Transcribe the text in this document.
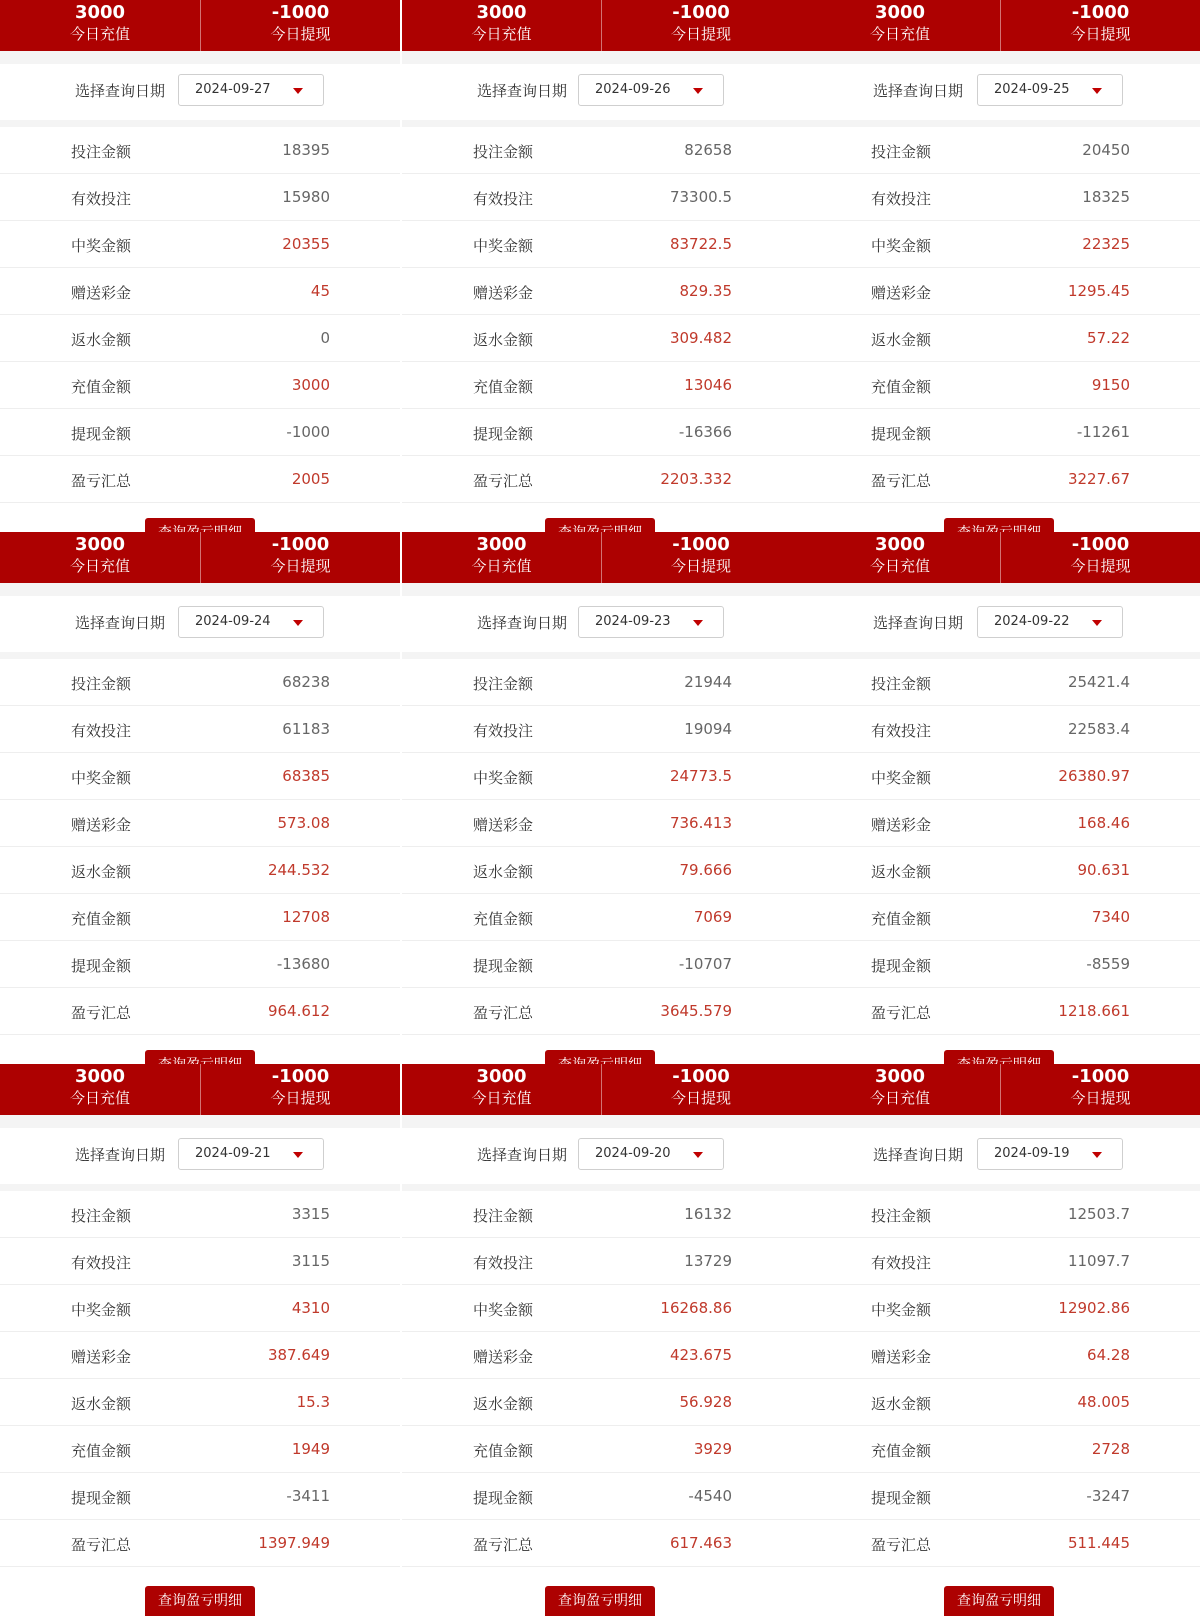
3000
今日充值
-1000
今日提现
选择查询日期 2024-09-27
投注金额	18395
有效投注	15980
中奖金额	20355
赠送彩金	45
返水金额	0
充值金额	3000
提现金额	-1000
盈亏汇总	2005
3000
今日充值
-1000
今日提现
选择查询日期 2024-09-26
投注金额	82658
有效投注	73300.5
中奖金额	83722.5
赠送彩金	829.35
返水金额	309.482
充值金额	13046
提现金额	-16366
盈亏汇总	2203.332
3000
今日充值
-1000
今日提现
选择查询日期 2024-09-25
投注金额	20450
有效投注	18325
中奖金额	22325
赠送彩金	1295.45
返水金额	57.22
充值金额	9150
提现金额	-11261
盈亏汇总	3227.67
3000
今日充值
-1000
今日提现
选择查询日期 2024-09-24
投注金额	68238
有效投注	61183
中奖金额	68385
赠送彩金	573.08
返水金额	244.532
充值金额	12708
提现金额	-13680
盈亏汇总	964.612
3000
今日充值
-1000
今日提现
选择查询日期 2024-09-23
投注金额	21944
有效投注	19094
中奖金额	24773.5
赠送彩金	736.413
返水金额	79.666
充值金额	7069
提现金额	-10707
盈亏汇总	3645.579
3000
今日充值
-1000
今日提现
选择查询日期 2024-09-22
投注金额	25421.4
有效投注	22583.4
中奖金额	26380.97
赠送彩金	168.46
返水金额	90.631
充值金额	7340
提现金额	-8559
盈亏汇总	1218.661
3000
今日充值
-1000
今日提现
选择查询日期 2024-09-21
投注金额	3315
有效投注	3115
中奖金额	4310
赠送彩金	387.649
返水金额	15.3
充值金额	1949
提现金额	-3411
盈亏汇总	1397.949
查询盈亏明细
3000
今日充值
-1000
今日提现
选择查询日期 2024-09-20
投注金额	16132
有效投注	13729
中奖金额	16268.86
赠送彩金	423.675
返水金额	56.928
充值金额	3929
提现金额	-4540
盈亏汇总	617.463
查询盈亏明细
3000
今日充值
-1000
今日提现
选择查询日期 2024-09-19
投注金额	12503.7
有效投注	11097.7
中奖金额	12902.86
赠送彩金	64.28
返水金额	48.005
充值金额	2728
提现金额	-3247
盈亏汇总	511.445
查询盈亏明细
